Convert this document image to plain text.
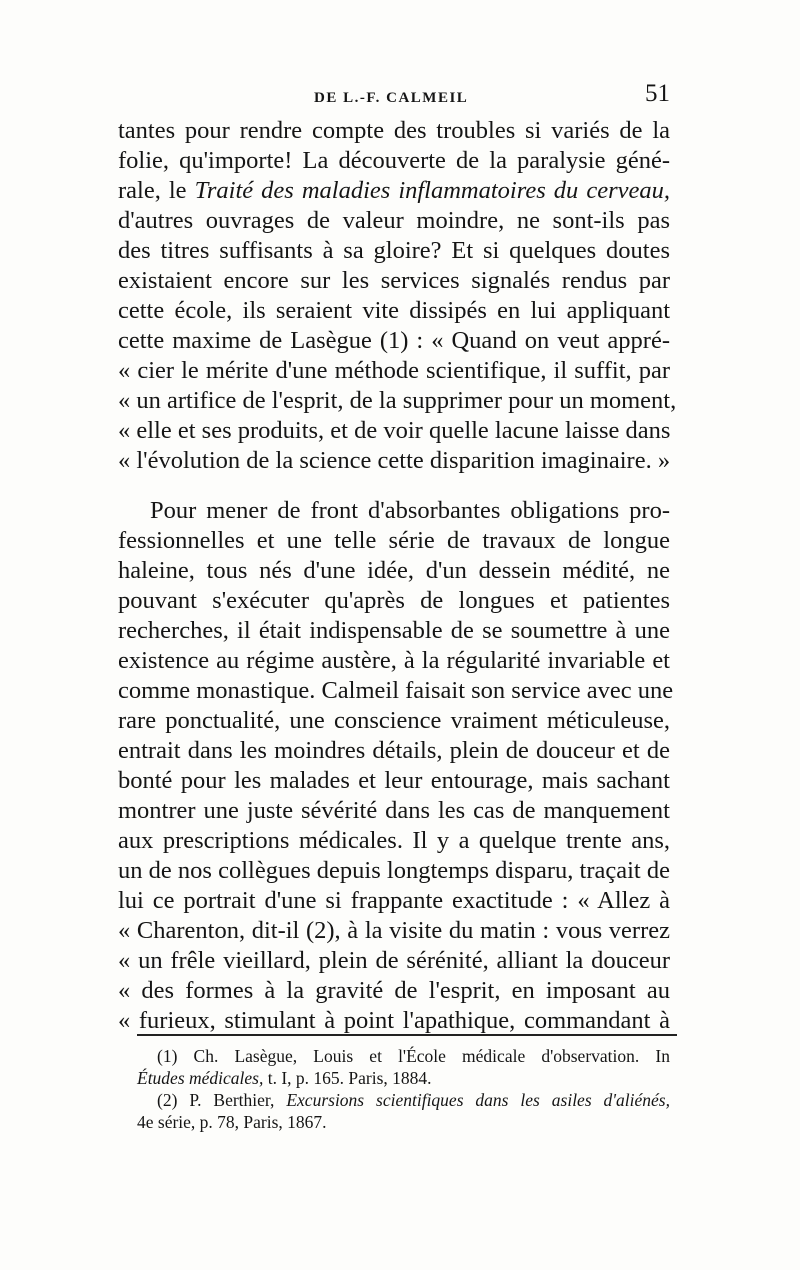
DE L.-F. CALMEIL	51
tantes pour rendre compte des troubles si variés de la
folie, qu'importe! La découverte de la paralysie géné-
rale, le Traité des maladies inflammatoires du cerveau,
d'autres ouvrages de valeur moindre, ne sont-ils pas
des titres suffisants à sa gloire? Et si quelques doutes
existaient encore sur les services signalés rendus par
cette école, ils seraient vite dissipés en lui appliquant
cette maxime de Lasègue (1) : « Quand on veut appré-
« cier le mérite d'une méthode scientifique, il suffit, par
« un artifice de l'esprit, de la supprimer pour un moment,
« elle et ses produits, et de voir quelle lacune laisse dans
« l'évolution de la science cette disparition imaginaire. »
Pour mener de front d'absorbantes obligations pro-
fessionnelles et une telle série de travaux de longue
haleine, tous nés d'une idée, d'un dessein médité, ne
pouvant s'exécuter qu'après de longues et patientes
recherches, il était indispensable de se soumettre à une
existence au régime austère, à la régularité invariable et
comme monastique. Calmeil faisait son service avec une
rare ponctualité, une conscience vraiment méticuleuse,
entrait dans les moindres détails, plein de douceur et de
bonté pour les malades et leur entourage, mais sachant
montrer une juste sévérité dans les cas de manquement
aux prescriptions médicales. Il y a quelque trente ans,
un de nos collègues depuis longtemps disparu, traçait de
lui ce portrait d'une si frappante exactitude : « Allez à
« Charenton, dit-il (2), à la visite du matin : vous verrez
« un frêle vieillard, plein de sérénité, alliant la douceur
« des formes à la gravité de l'esprit, en imposant au
« furieux, stimulant à point l'apathique, commandant à
(1) Ch. Lasègue, Louis et l'École médicale d'observation. In
Études médicales, t. I, p. 165. Paris, 1884.
(2) P. Berthier, Excursions scientifiques dans les asiles d'aliénés,
4e série, p. 78, Paris, 1867.
